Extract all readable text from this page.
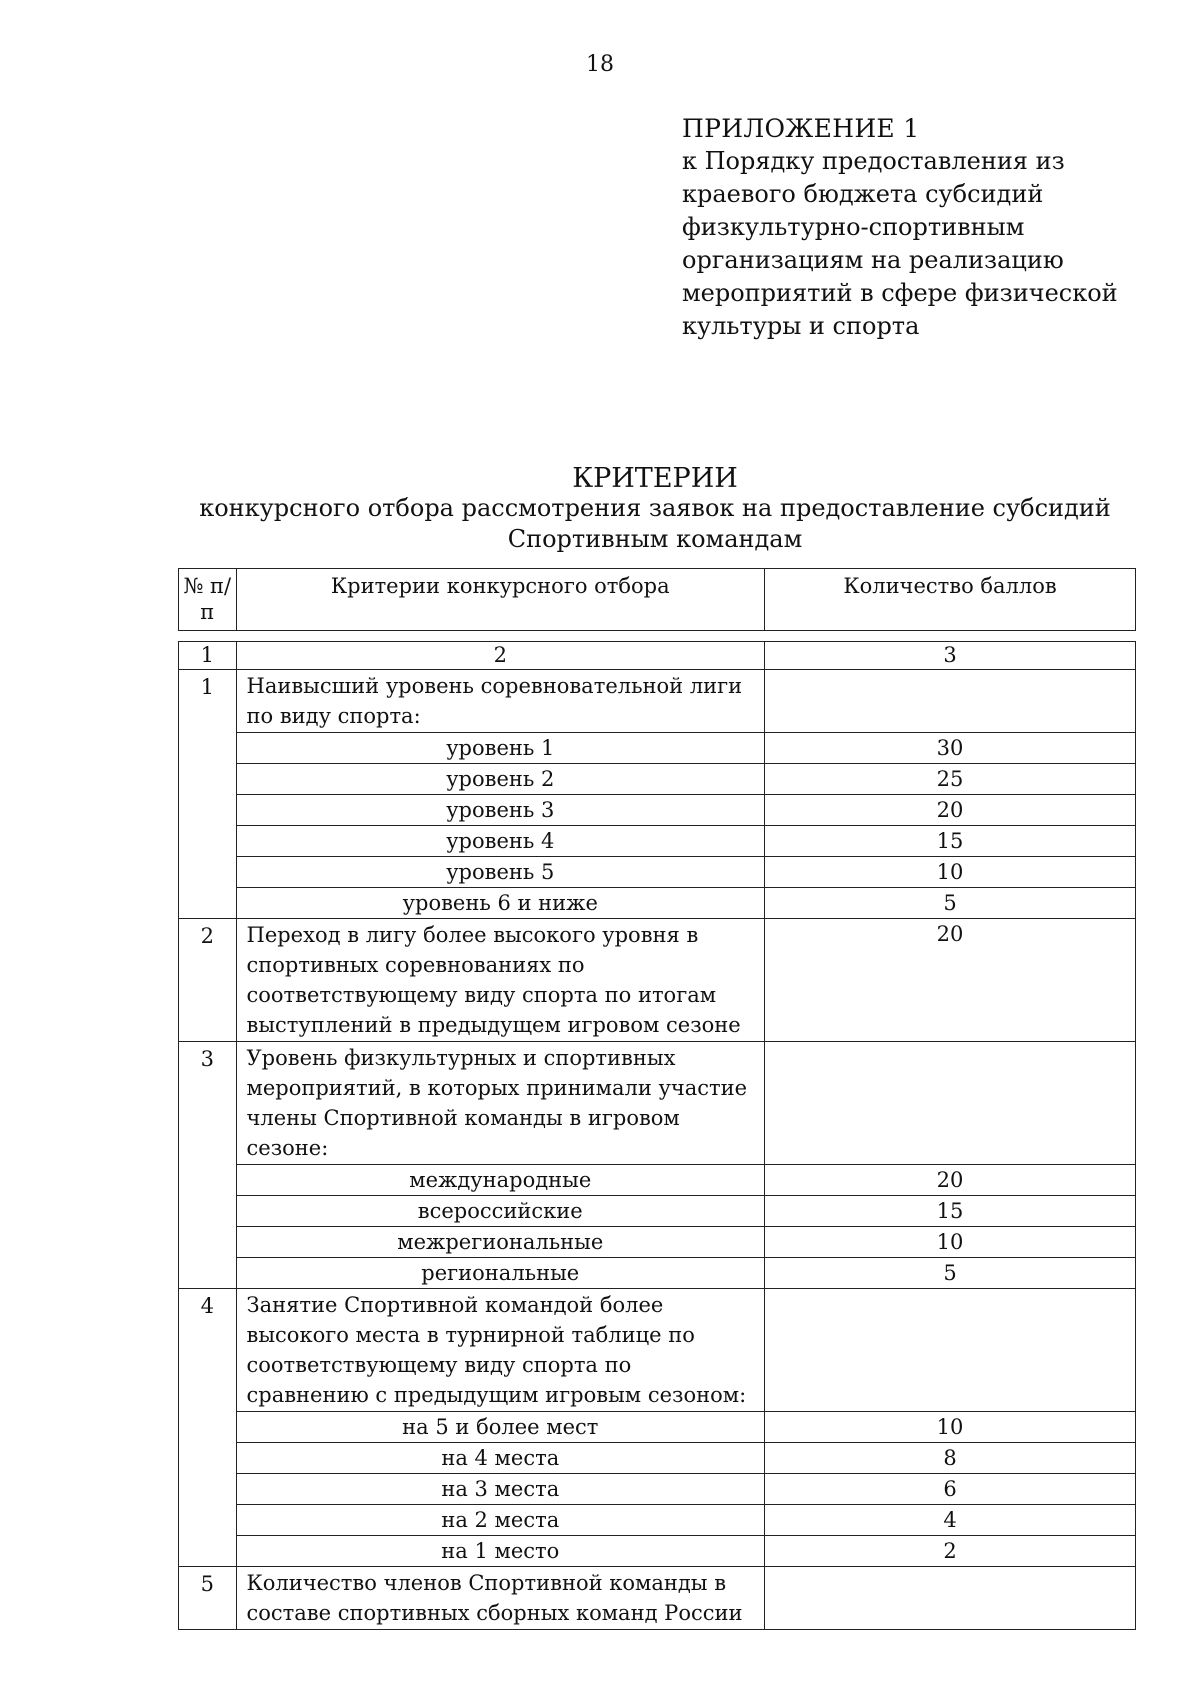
18
ПРИЛОЖЕНИЕ 1
к Порядку предоставления из
краевого бюджета субсидий
физкультурно-спортивным
организациям на реализацию
мероприятий в сфере физической
культуры и спорта
КРИТЕРИИ
конкурсного отбора рассмотрения заявок на предоставление субсидий
Спортивным командам
№ п/п	Критерии конкурсного отбора	Количество баллов

1	2	3
1	Наивысший уровень соревновательной лиги по виду спорта:	
	уровень 1	30
	уровень 2	25
	уровень 3	20
	уровень 4	15
	уровень 5	10
	уровень 6 и ниже	5
2	Переход в лигу более высокого уровня в спортивных соревнованиях по соответствующему виду спорта по итогам выступлений в предыдущем игровом сезоне	20
3	Уровень физкультурных и спортивных мероприятий, в которых принимали участие члены Спортивной команды в игровом сезоне:	
	международные	20
	всероссийские	15
	межрегиональные	10
	региональные	5
4	Занятие Спортивной командой более высокого места в турнирной таблице по соответствующему виду спорта по сравнению с предыдущим игровым сезоном:	
	на 5 и более мест	10
	на 4 места	8
	на 3 места	6
	на 2 места	4
	на 1 место	2
5	Количество членов Спортивной команды в составе спортивных сборных команд России	
